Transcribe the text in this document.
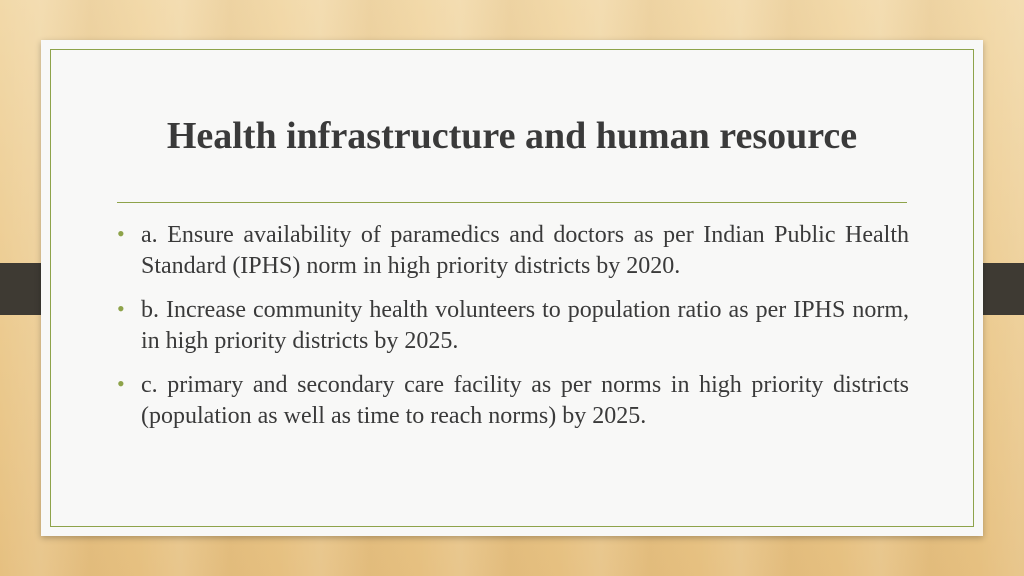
Health infrastructure and human resource
• a. Ensure availability of paramedics and doctors as per Indian Public Health Standard (IPHS) norm in high priority districts by 2020.
• b. Increase community health volunteers to population ratio as per IPHS norm, in high priority districts by 2025.
• c. primary and secondary care facility as per norms in high priority districts (population as well as time to reach norms) by 2025.
